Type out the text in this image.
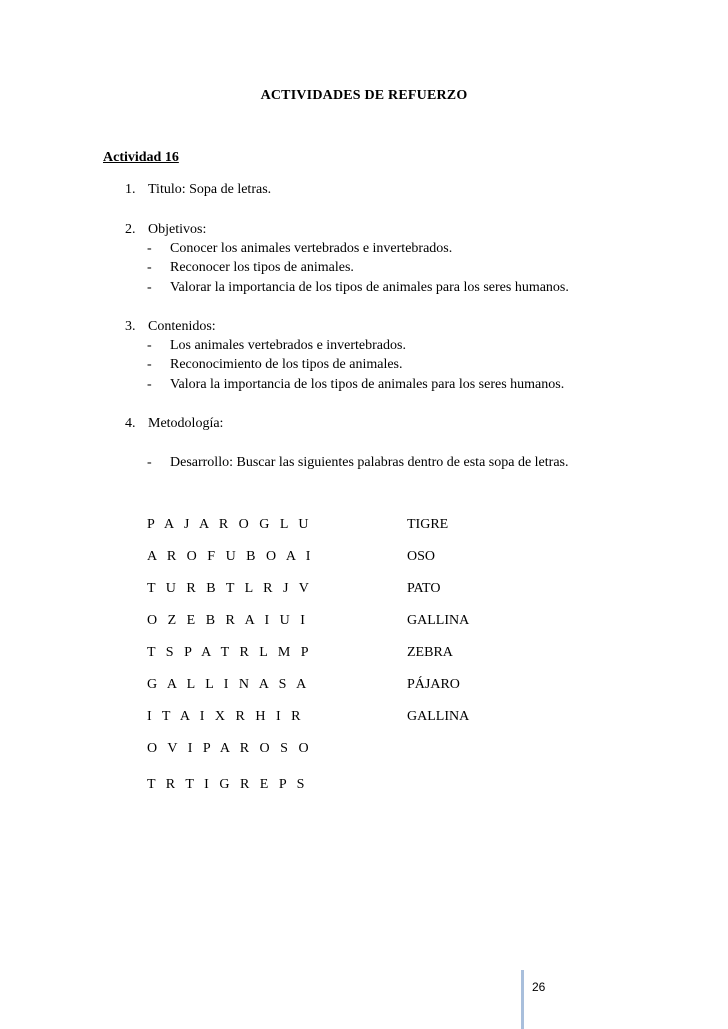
ACTIVIDADES DE REFUERZO
Actividad 16
1. Titulo: Sopa de letras.
2. Objetivos:
- Conocer los animales vertebrados e invertebrados.
- Reconocer los tipos de animales.
- Valorar la importancia de los tipos de animales para los seres humanos.
3. Contenidos:
- Los animales vertebrados e invertebrados.
- Reconocimiento de los tipos de animales.
- Valora la importancia de los tipos de animales para los seres humanos.
4. Metodología:
- Desarrollo: Buscar las siguientes palabras dentro de esta sopa de letras.
P A J A R O G L U
A R O F U B O A I
T U R B T L R J V
O Z E B R A I U I
T S P A T R L M P
G A L L I N A S A
I T A I X R H I R
O V I P A R O S O
T R T I G R E P S
TIGRE
OSO
PATO
GALLINA
ZEBRA
PÁJARO
GALLINA
26
